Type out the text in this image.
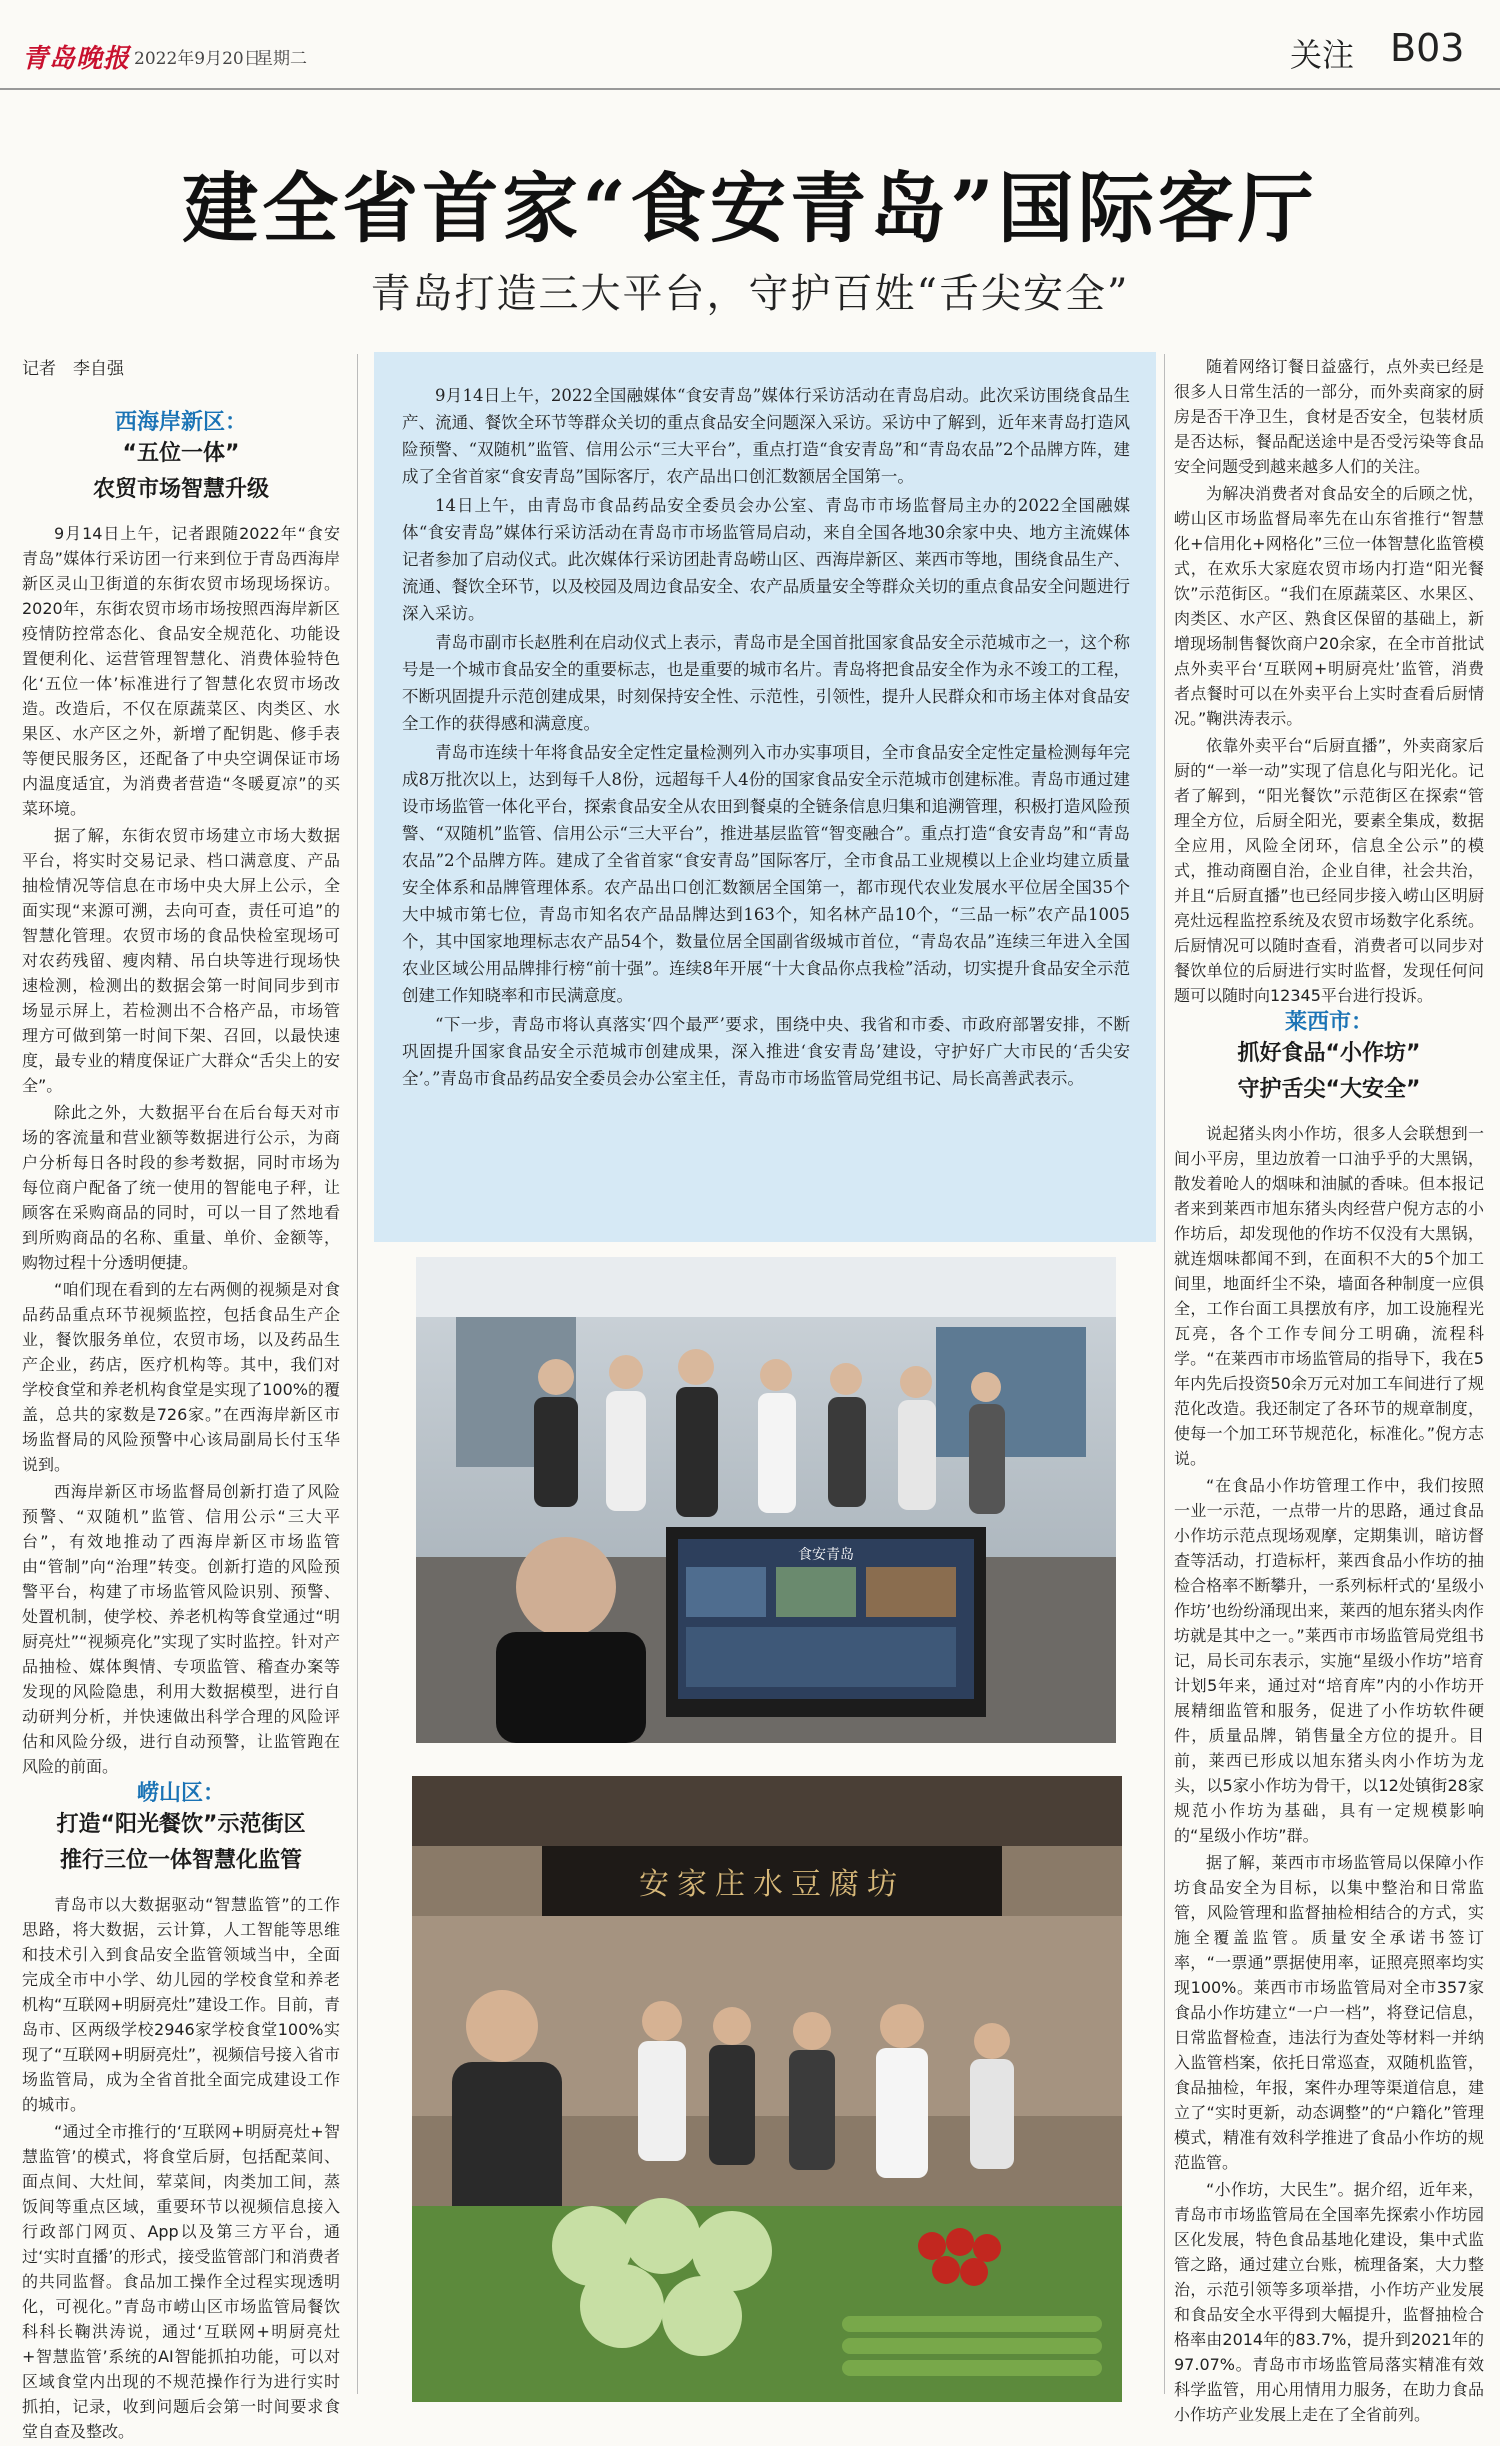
青岛晚报 2022年9月20日
星期二	关注 B03
建全省首家“食安青岛”国际客厅
青岛打造三大平台，守护百姓“舌尖安全”
记者　李自强

西海岸新区：

“五位一体”

农贸市场智慧升级

9月14日上午，记者跟随2022年“食安青岛”媒体行采访团一行来到位于青岛西海岸新区灵山卫街道的东街农贸市场现场探访。2020年，东街农贸市场市场按照西海岸新区疫情防控常态化、食品安全规范化、功能设置便利化、运营管理智慧化、消费体验特色化‘五位一体’标准进行了智慧化农贸市场改造。改造后，不仅在原蔬菜区、肉类区、水果区、水产区之外，新增了配钥匙、修手表等便民服务区，还配备了中央空调保证市场内温度适宜，为消费者营造“冬暖夏凉”的买菜环境。

据了解，东街农贸市场建立市场大数据平台，将实时交易记录、档口满意度、产品抽检情况等信息在市场中央大屏上公示，全面实现“来源可溯，去向可查，责任可追”的智慧化管理。农贸市场的食品快检室现场可对农药残留、瘦肉精、吊白块等进行现场快速检测，检测出的数据会第一时间同步到市场显示屏上，若检测出不合格产品，市场管理方可做到第一时间下架、召回，以最快速度，最专业的精度保证广大群众“舌尖上的安全”。

除此之外，大数据平台在后台每天对市场的客流量和营业额等数据进行公示，为商户分析每日各时段的参考数据，同时市场为每位商户配备了统一使用的智能电子秤，让顾客在采购商品的同时，可以一目了然地看到所购商品的名称、重量、单价、金额等，购物过程十分透明便捷。

“咱们现在看到的左右两侧的视频是对食品药品重点环节视频监控，包括食品生产企业，餐饮服务单位，农贸市场，以及药品生产企业，药店，医疗机构等。其中，我们对学校食堂和养老机构食堂是实现了100%的覆盖，总共的家数是726家。”在西海岸新区市场监督局的风险预警中心该局副局长付玉华说到。

西海岸新区市场监督局创新打造了风险预警、“双随机”监管、信用公示“三大平台”，有效地推动了西海岸新区市场监管由“管制”向“治理”转变。创新打造的风险预警平台，构建了市场监管风险识别、预警、处置机制，使学校、养老机构等食堂通过“明厨亮灶”“视频亮化”实现了实时监控。针对产品抽检、媒体舆情、专项监管、稽查办案等发现的风险隐患，利用大数据模型，进行自动研判分析，并快速做出科学合理的风险评估和风险分级，进行自动预警，让监管跑在风险的前面。

崂山区：

打造“阳光餐饮”示范街区

推行三位一体智慧化监管

青岛市以大数据驱动“智慧监管”的工作思路，将大数据，云计算，人工智能等思维和技术引入到食品安全监管领域当中，全面完成全市中小学、幼儿园的学校食堂和养老机构“互联网+明厨亮灶”建设工作。目前，青岛市、区两级学校2946家学校食堂100%实现了“互联网+明厨亮灶”，视频信号接入省市场监管局，成为全省首批全面完成建设工作的城市。

“通过全市推行的‘互联网+明厨亮灶+智慧监管’的模式，将食堂后厨，包括配菜间、面点间、大灶间，荤菜间，肉类加工间，蒸饭间等重点区域，重要环节以视频信息接入行政部门网页、App以及第三方平台，通过‘实时直播’的形式，接受监管部门和消费者的共同监督。食品加工操作全过程实现透明化，可视化。”青岛市崂山区市场监管局餐饮科科长鞠洪涛说，通过‘互联网+明厨亮灶+智慧监管’系统的AI智能抓拍功能，可以对区域食堂内出现的不规范操作行为进行实时抓拍，记录，收到问题后会第一时间要求食堂自查及整改。

9月14日上午，2022全国融媒体“食安青岛”媒体行采访活动在青岛启动。此次采访围绕食品生产、流通、餐饮全环节等群众关切的重点食品安全问题深入采访。采访中了解到，近年来青岛打造风险预警、“双随机”监管、信用公示“三大平台”，重点打造“食安青岛”和“青岛农品”2个品牌方阵，建成了全省首家“食安青岛”国际客厅，农产品出口创汇数额居全国第一。

14日上午，由青岛市食品药品安全委员会办公室、青岛市市场监督局主办的2022全国融媒体“食安青岛”媒体行采访活动在青岛市市场监管局启动，来自全国各地30余家中央、地方主流媒体记者参加了启动仪式。此次媒体行采访团赴青岛崂山区、西海岸新区、莱西市等地，围绕食品生产、流通、餐饮全环节，以及校园及周边食品安全、农产品质量安全等群众关切的重点食品安全问题进行深入采访。

青岛市副市长赵胜利在启动仪式上表示，青岛市是全国首批国家食品安全示范城市之一，这个称号是一个城市食品安全的重要标志，也是重要的城市名片。青岛将把食品安全作为永不竣工的工程，不断巩固提升示范创建成果，时刻保持安全性、示范性，引领性，提升人民群众和市场主体对食品安全工作的获得感和满意度。

青岛市连续十年将食品安全定性定量检测列入市办实事项目，全市食品安全定性定量检测每年完成8万批次以上，达到每千人8份，远超每千人4份的国家食品安全示范城市创建标准。青岛市通过建设市场监管一体化平台，探索食品安全从农田到餐桌的全链条信息归集和追溯管理，积极打造风险预警、“双随机”监管、信用公示“三大平台”，推进基层监管“智变融合”。重点打造“食安青岛”和“青岛农品”2个品牌方阵。建成了全省首家“食安青岛”国际客厅，全市食品工业规模以上企业均建立质量安全体系和品牌管理体系。农产品出口创汇数额居全国第一，都市现代农业发展水平位居全国35个大中城市第七位，青岛市知名农产品品牌达到163个，知名林产品10个，“三品一标”农产品1005个，其中国家地理标志农产品54个，数量位居全国副省级城市首位，“青岛农品”连续三年进入全国农业区域公用品牌排行榜“前十强”。连续8年开展“十大食品你点我检”活动，切实提升食品安全示范创建工作知晓率和市民满意度。

“下一步，青岛市将认真落实‘四个最严’要求，围绕中央、我省和市委、市政府部署安排，不断巩固提升国家食品安全示范城市创建成果，深入推进‘食安青岛’建设，守护好广大市民的‘舌尖安全’。”青岛市食品药品安全委员会办公室主任，青岛市市场监管局党组书记、局长高善武表示。

食安青岛

随着网络订餐日益盛行，点外卖已经是很多人日常生活的一部分，而外卖商家的厨房是否干净卫生，食材是否安全，包装材质是否达标，餐品配送途中是否受污染等食品安全问题受到越来越多人们的关注。

为解决消费者对食品安全的后顾之忧，崂山区市场监督局率先在山东省推行“智慧化+信用化+网格化”三位一体智慧化监管模式，在欢乐大家庭农贸市场内打造“阳光餐饮”示范街区。“我们在原蔬菜区、水果区、肉类区、水产区、熟食区保留的基础上，新增现场制售餐饮商户20余家，在全市首批试点外卖平台‘互联网+明厨亮灶’监管，消费者点餐时可以在外卖平台上实时查看后厨情况。”鞠洪涛表示。

依靠外卖平台“后厨直播”，外卖商家后厨的“一举一动”实现了信息化与阳光化。记者了解到，“阳光餐饮”示范街区在探索“管理全方位，后厨全阳光，要素全集成，数据全应用，风险全闭环，信息全公示”的模式，推动商圈自治，企业自律，社会共治，并且“后厨直播”也已经同步接入崂山区明厨亮灶远程监控系统及农贸市场数字化系统。后厨情况可以随时查看，消费者可以同步对餐饮单位的后厨进行实时监督，发现任何问题可以随时向12345平台进行投诉。

莱西市：

抓好食品“小作坊”

守护舌尖“大安全”

说起猪头肉小作坊，很多人会联想到一间小平房，里边放着一口油乎乎的大黑锅，散发着呛人的烟味和油腻的香味。但本报记者来到莱西市旭东猪头肉经营户倪方志的小作坊后，却发现他的作坊不仅没有大黑锅，就连烟味都闻不到，在面积不大的5个加工间里，地面纤尘不染，墙面各种制度一应俱全，工作台面工具摆放有序，加工设施程光瓦亮，各个工作专间分工明确，流程科学。“在莱西市市场监管局的指导下，我在5年内先后投资50余万元对加工车间进行了规范化改造。我还制定了各环节的规章制度，使每一个加工环节规范化，标准化。”倪方志说。

“在食品小作坊管理工作中，我们按照一业一示范，一点带一片的思路，通过食品小作坊示范点现场观摩，定期集训，暗访督查等活动，打造标杆，莱西食品小作坊的抽检合格率不断攀升，一系列标杆式的‘星级小作坊’也纷纷涌现出来，莱西的旭东猪头肉作坊就是其中之一。”莱西市市场监管局党组书记，局长司东表示，实施“星级小作坊”培育计划5年来，通过对“培育库”内的小作坊开展精细监管和服务，促进了小作坊软件硬件，质量品牌，销售量全方位的提升。目前，莱西已形成以旭东猪头肉小作坊为龙头，以5家小作坊为骨干，以12处镇街28家规范小作坊为基础，具有一定规模影响的“星级小作坊”群。

据了解，莱西市市场监管局以保障小作坊食品安全为目标，以集中整治和日常监管，风险管理和监督抽检相结合的方式，实施全覆盖监管。质量安全承诺书签订率，“一票通”票据使用率，证照亮照率均实现100%。莱西市市场监管局对全市357家食品小作坊建立“一户一档”，将登记信息，日常监督检查，违法行为查处等材料一并纳入监管档案，依托日常巡查，双随机监管，食品抽检，年报，案件办理等渠道信息，建立了“实时更新，动态调整”的“户籍化”管理模式，精准有效科学推进了食品小作坊的规范监管。

“小作坊，大民生”。据介绍，近年来，青岛市市场监管局在全国率先探索小作坊园区化发展，特色食品基地化建设，集中式监管之路，通过建立台账，梳理备案，大力整治，示范引领等多项举措，小作坊产业发展和食品安全水平得到大幅提升，监督抽检合格率由2014年的83.7%，提升到2021年的97.07%。青岛市市场监管局落实精准有效科学监管，用心用情用力服务，在助力食品小作坊产业发展上走在了全省前列。

安家庄水豆腐坊
